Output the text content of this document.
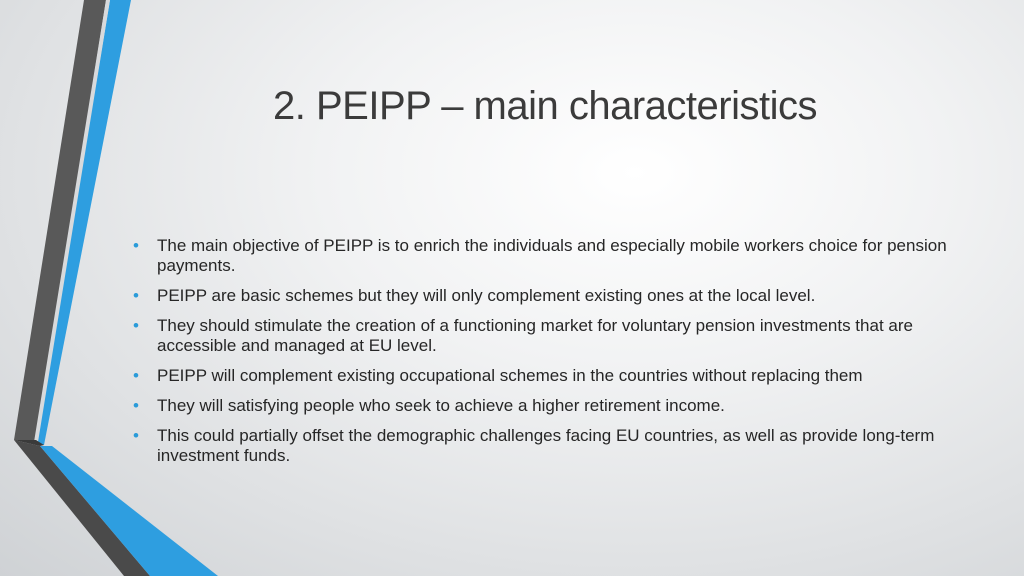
2. PEIPP – main characteristics
• The main objective of PEIPP is to enrich the individuals and especially mobile workers choice for pension payments.
• PEIPP are basic schemes but they will only complement existing ones at the local level.
• They should stimulate the creation of a functioning market for voluntary pension investments that are accessible and managed at EU level.
• PEIPP will complement existing occupational schemes in the countries without replacing them
• They will satisfying people who seek to achieve a higher retirement income.
• This could partially offset the demographic challenges facing EU countries, as well as provide long-term investment funds.
